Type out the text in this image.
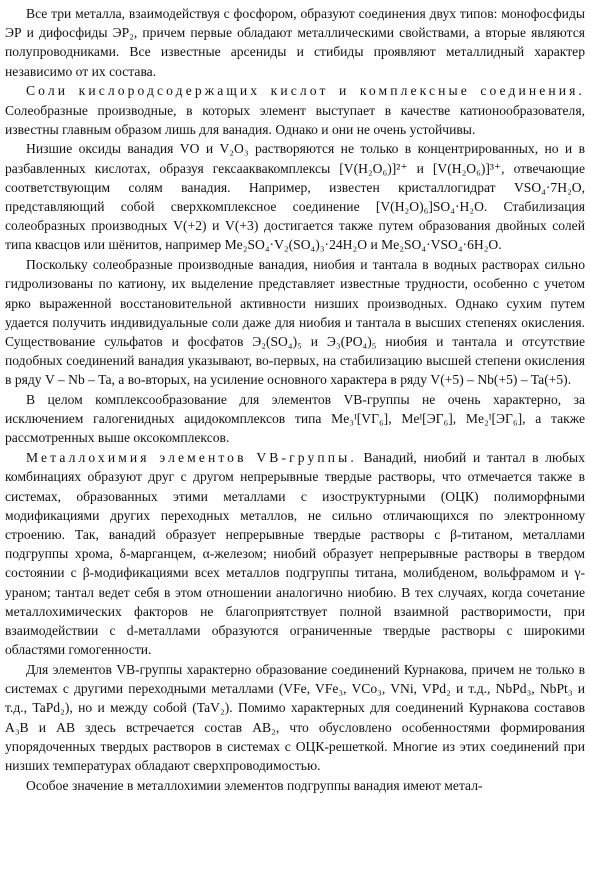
Все три металла, взаимодействуя с фосфором, образуют соединения двух типов: монофосфиды ЭР и дифосфиды ЭР₂, причем первые обладают металлическими свойствами, а вторые являются полупроводниками. Все известные арсениды и стибиды проявляют металлидный характер независимо от их состава.

Соли кислородсодержащих кислот и комплексные соединения. Солеобразные производные, в которых элемент выступает в качестве катионообразователя, известны главным образом лишь для ванадия. Однако и они не очень устойчивы.

Низшие оксиды ванадия VO и V₂O₃ растворяются не только в концентрированных, но и в разбавленных кислотах, образуя гексааквакомплексы [V(H₂O₆)]²⁺ и [V(H₂O₆)]³⁺, отвечающие соответствующим солям ванадия. Например, известен кристаллогидрат VSO₄·7H₂O, представляющий собой сверхкомплексное соединение [V(H₂O)₆]SO₄·H₂O. Стабилизация солеобразных производных V(+2) и V(+3) достигается также путем образования двойных солей типа квасцов или шёнитов, например Me₂SO₄·V₂(SO₄)₃·24H₂O и Me₂SO₄·VSO₄·6H₂O.

Поскольку солеобразные производные ванадия, ниобия и тантала в водных растворах сильно гидролизованы по катиону, их выделение представляет известные трудности, особенно с учетом ярко выраженной восстановительной активности низших производных. Однако сухим путем удается получить индивидуальные соли даже для ниобия и тантала в высших степенях окисления. Существование сульфатов и фосфатов Э₂(SO₄)₅ и Э₃(PO₄)₅ ниобия и тантала и отсутствие подобных соединений ванадия указывают, во-первых, на стабилизацию высшей степени окисления в ряду V – Nb – Ta, а во-вторых, на усиление основного характера в ряду V(+5) – Nb(+5) – Ta(+5).

В целом комплексообразование для элементов VB-группы не очень характерно, за исключением галогенидных ацидокомплексов типа Me₃ᴵ[VГ₆], Meᴵ[ЭГ₆], Me₂ᴵ[ЭГ₆], а также рассмотренных выше оксокомплексов.

Металлохимия элементов VB-группы. Ванадий, ниобий и тантал в любых комбинациях образуют друг с другом непрерывные твердые растворы, что отмечается также в системах, образованных этими металлами с изоструктурными (ОЦК) полиморфными модификациями других переходных металлов, не сильно отличающихся по электронному строению. Так, ванадий образует непрерывные твердые растворы с β-титаном, металлами подгруппы хрома, δ-марганцем, α-железом; ниобий образует непрерывные растворы в твердом состоянии с β-модификациями всех металлов подгруппы титана, молибденом, вольфрамом и γ-ураном; тантал ведет себя в этом отношении аналогично ниобию. В тех случаях, когда сочетание металлохимических факторов не благоприятствует полной взаимной растворимости, при взаимодействии с d-металлами образуются ограниченные твердые растворы с широкими областями гомогенности.

Для элементов VB-группы характерно образование соединений Курнакова, причем не только в системах с другими переходными металлами (VFe, VFe₃, VCo₃, VNi, VPd₂ и т.д., NbPd₃, NbPt₃ и т.д., TaPd₂), но и между собой (TaV₂). Помимо характерных для соединений Курнакова составов A₃B и AB здесь встречается состав AB₂, что обусловлено особенностями формирования упорядоченных твердых растворов в системах с ОЦК-решеткой. Многие из этих соединений при низших температурах обладают сверхпроводимостью.

Особое значение в металлохимии элементов подгруппы ванадия имеют метал-
